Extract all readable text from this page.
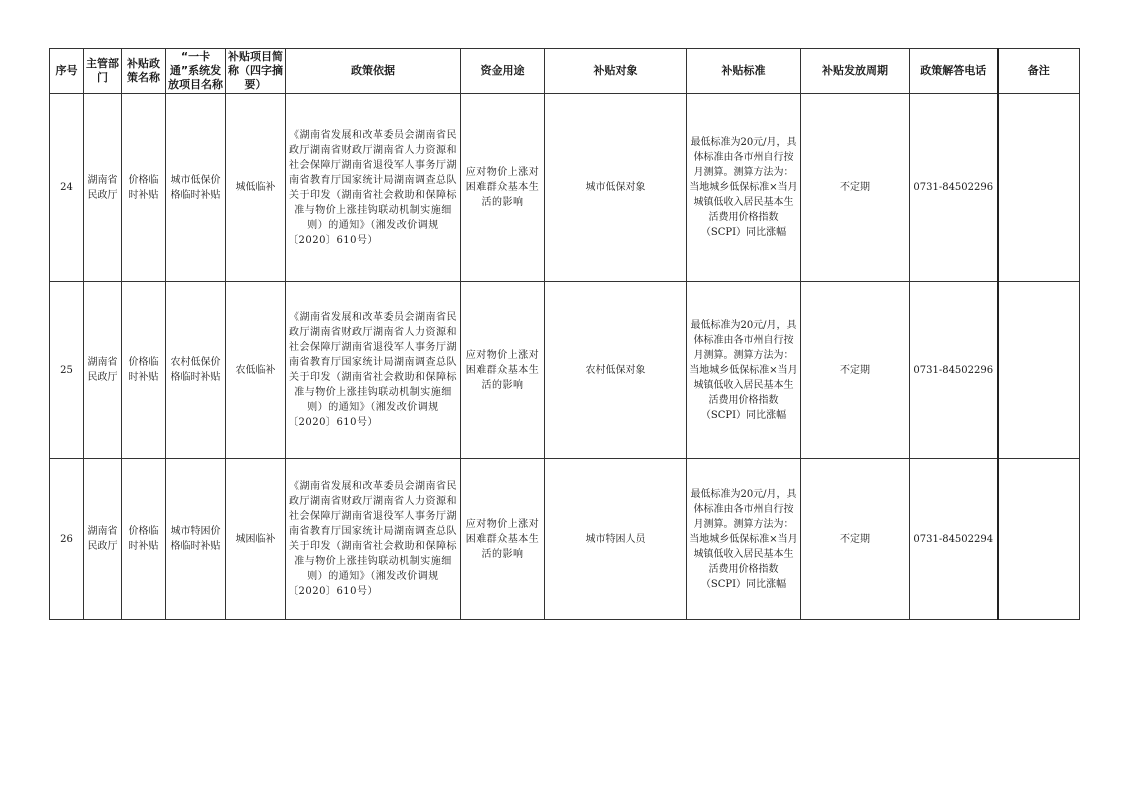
序号	主管部门	补贴政策名称	“一卡通”系统发放项目名称	补贴项目简称（四字摘要）	政策依据	资金用途	补贴对象	补贴标准	补贴发放周期	政策解答电话	备注
24	湖南省民政厅	价格临时补贴	城市低保价格临时补贴	城低临补	《湖南省发展和改革委员会湖南省民政厅湖南省财政厅湖南省人力资源和社会保障厅湖南省退役军人事务厅湖南省教育厅国家统计局湖南调查总队关于印发（湖南省社会救助和保障标准与物价上涨挂钩联动机制实施细则）的通知》（湘发改价调规〔2020〕610号）	应对物价上涨对困难群众基本生活的影响	城市低保对象	最低标准为20元/月，具体标准由各市州自行按月测算。测算方法为：当地城乡低保标准×当月城镇低收入居民基本生活费用价格指数（SCPI）同比涨幅	不定期	0731-84502296	
25	湖南省民政厅	价格临时补贴	农村低保价格临时补贴	农低临补	《湖南省发展和改革委员会湖南省民政厅湖南省财政厅湖南省人力资源和社会保障厅湖南省退役军人事务厅湖南省教育厅国家统计局湖南调查总队关于印发（湖南省社会救助和保障标准与物价上涨挂钩联动机制实施细则）的通知》（湘发改价调规〔2020〕610号）	应对物价上涨对困难群众基本生活的影响	农村低保对象	最低标准为20元/月，具体标准由各市州自行按月测算。测算方法为：当地城乡低保标准×当月城镇低收入居民基本生活费用价格指数（SCPI）同比涨幅	不定期	0731-84502296	
26	湖南省民政厅	价格临时补贴	城市特困价格临时补贴	城困临补	《湖南省发展和改革委员会湖南省民政厅湖南省财政厅湖南省人力资源和社会保障厅湖南省退役军人事务厅湖南省教育厅国家统计局湖南调查总队关于印发（湖南省社会救助和保障标准与物价上涨挂钩联动机制实施细则）的通知》（湘发改价调规〔2020〕610号）	应对物价上涨对困难群众基本生活的影响	城市特困人员	最低标准为20元/月，具体标准由各市州自行按月测算。测算方法为：当地城乡低保标准×当月城镇低收入居民基本生活费用价格指数（SCPI）同比涨幅	不定期	0731-84502294	
